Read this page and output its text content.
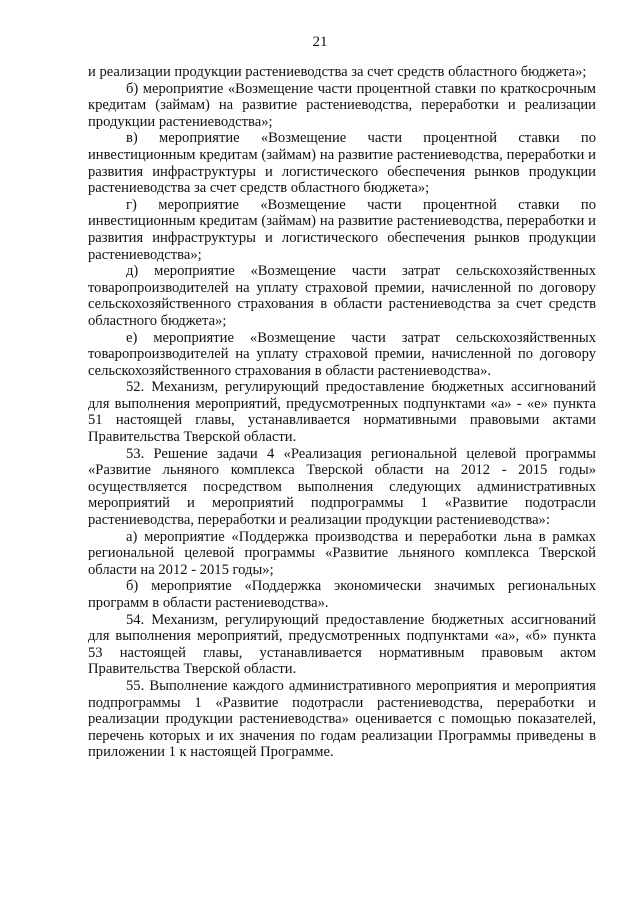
21

и реализации продукции растениеводства за счет средств областного бюджета»;

б) мероприятие «Возмещение части процентной ставки по краткосрочным кредитам (займам) на развитие растениеводства, переработки и реализации продукции растениеводства»;

в) мероприятие «Возмещение части процентной ставки по инвестиционным кредитам (займам) на развитие растениеводства, переработки и развития инфраструктуры и логистического обеспечения рынков продукции растениеводства за счет средств областного бюджета»;

г) мероприятие «Возмещение части процентной ставки по инвестиционным кредитам (займам) на развитие растениеводства, переработки и развития инфраструктуры и логистического обеспечения рынков продукции растениеводства»;

д) мероприятие «Возмещение части затрат сельскохозяйственных товаропроизводителей на уплату страховой премии, начисленной по договору сельскохозяйственного страхования в области растениеводства за счет средств областного бюджета»;

е) мероприятие «Возмещение части затрат сельскохозяйственных товаропроизводителей на уплату страховой премии, начисленной по договору сельскохозяйственного страхования в области растениеводства».

52. Механизм, регулирующий предоставление бюджетных ассигнований для выполнения мероприятий, предусмотренных подпунктами «а» - «е» пункта 51 настоящей главы, устанавливается нормативными правовыми актами Правительства Тверской области.

53. Решение задачи 4 «Реализация региональной целевой программы «Развитие льняного комплекса Тверской области на 2012 - 2015 годы» осуществляется посредством выполнения следующих административных мероприятий и мероприятий подпрограммы 1 «Развитие подотрасли растениеводства, переработки и реализации продукции растениеводства»:

а) мероприятие «Поддержка производства и переработки льна в рамках региональной целевой программы «Развитие льняного комплекса Тверской области на 2012 - 2015 годы»;

б) мероприятие «Поддержка экономически значимых региональных программ в области растениеводства».

54. Механизм, регулирующий предоставление бюджетных ассигнований для выполнения мероприятий, предусмотренных подпунктами «а», «б» пункта 53 настоящей главы, устанавливается нормативным правовым актом Правительства Тверской области.

55. Выполнение каждого административного мероприятия и мероприятия подпрограммы 1 «Развитие подотрасли растениеводства, переработки и реализации продукции растениеводства» оценивается с помощью показателей, перечень которых и их значения по годам реализации Программы приведены в приложении 1 к настоящей Программе.
